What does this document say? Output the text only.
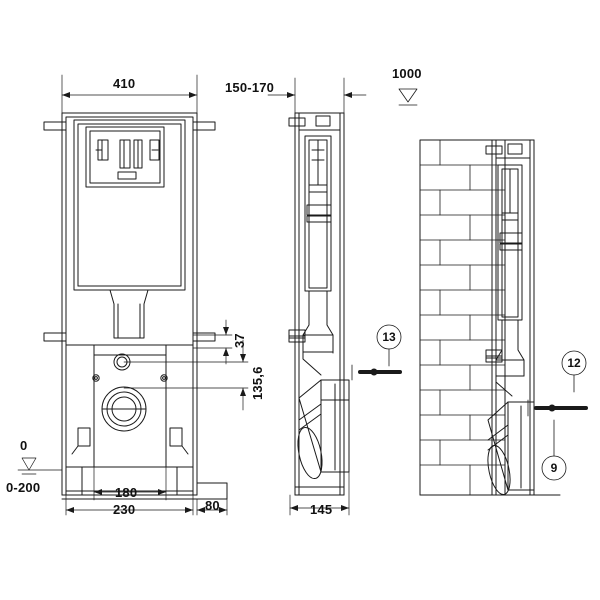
410	150-170
1000
37
135,6
180
230	80	145
0
0-200
13
12
9
